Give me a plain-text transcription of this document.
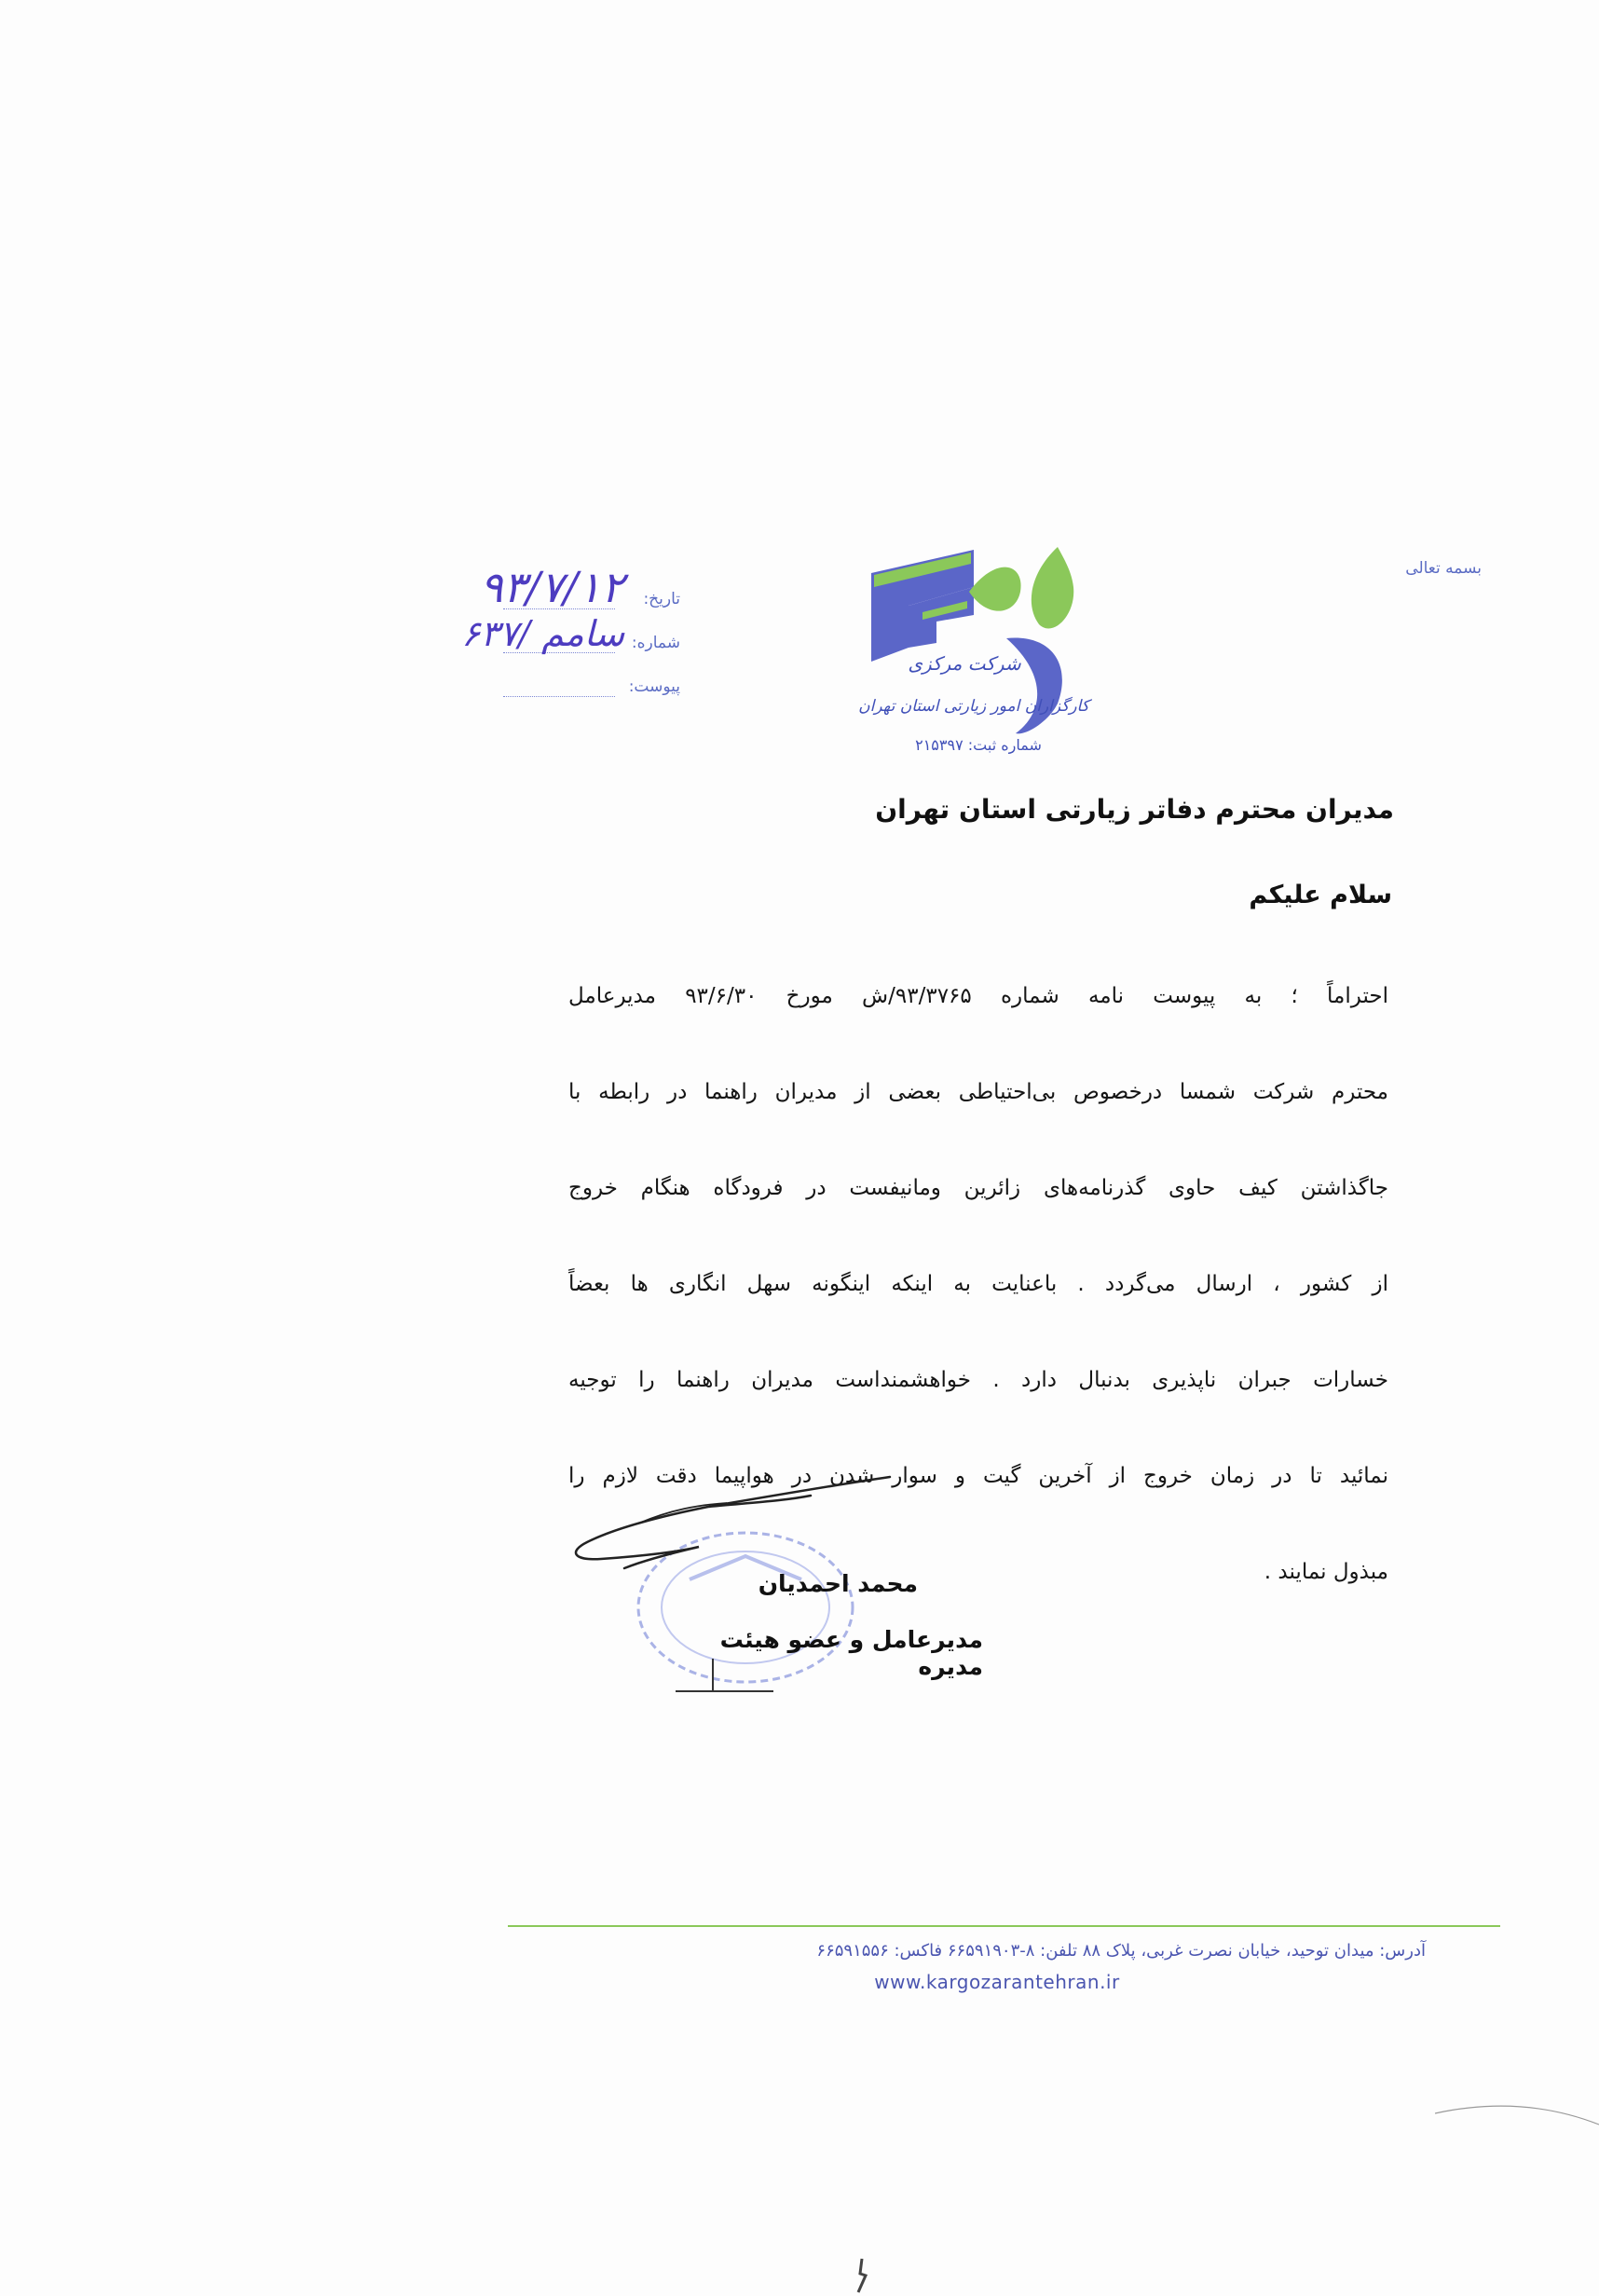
بسمه تعالی
شرکت مرکزی
کارگزاران امور زیارتی استان تهران
شماره ثبت: ۲۱۵۳۹۷
تاریخ:
۹۳/۷/۱۲
شماره:
۶۳۷/ سامم
پیوست:
مدیران محترم دفاتر زیارتی استان تهران
سلام علیکم
احتراماً ؛ به پیوست نامه شماره ۹۳/۳۷۶۵/ش مورخ ۹۳/۶/۳۰ مدیرعامل
محترم شرکت شمسا درخصوص بی‌احتیاطی بعضی از مدیران راهنما در رابطه با
جاگذاشتن کیف حاوی گذرنامه‌های زائرین ومانیفست در فرودگاه هنگام خروج
از کشور ، ارسال می‌گردد . باعنایت به اینکه اینگونه سهل انگاری ها بعضاً
خسارات جبران ناپذیری بدنبال دارد . خواهشمنداست مدیران راهنما را توجیه
نمائید تا در زمان خروج از آخرین گیت و سوار شدن در هواپیما دقت لازم را
مبذول نمایند .
محمد احمدیان
مدیرعامل و عضو هیئت مدیره
آدرس: میدان توحید، خیابان نصرت غربی، پلاک ۸۸ تلفن: ۸-۶۶۵۹۱۹۰۳ فاکس: ۶۶۵۹۱۵۵۶
www.kargozarantehran.ir
